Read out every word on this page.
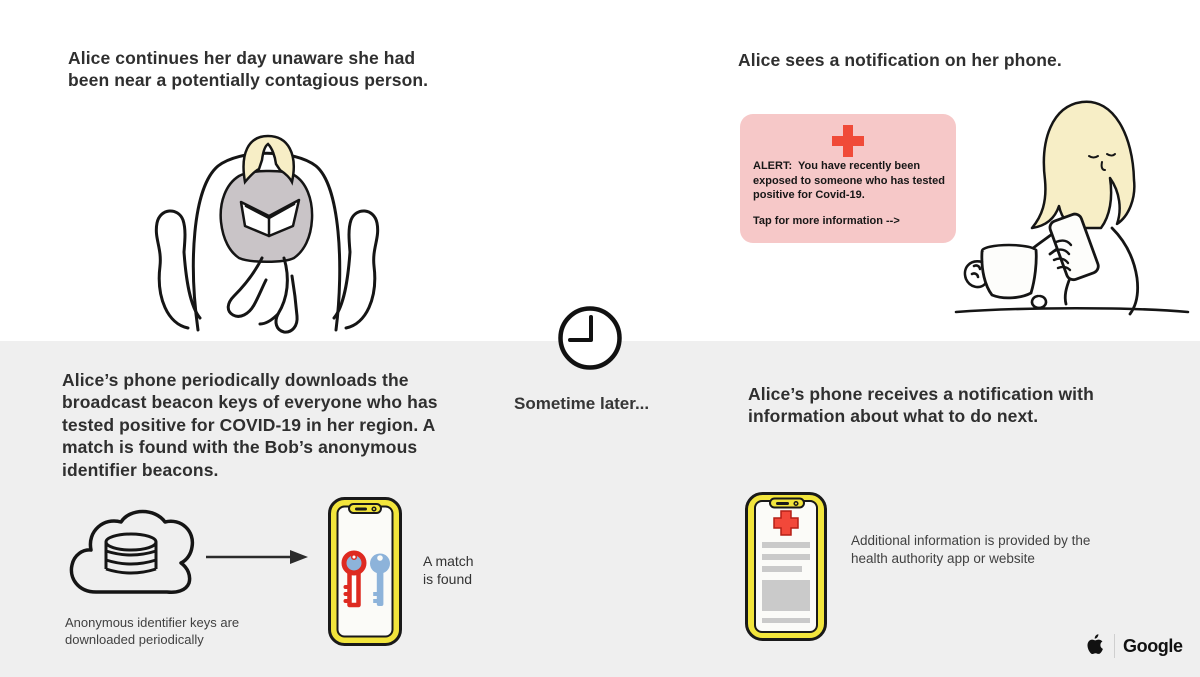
Alice continues her day unaware she had been near a potentially contagious person.
Alice sees a notification on her phone.
ALERT:  You have recently been exposed to someone who has tested positive for Covid-19.
Tap for more information -->
Sometime later...
Alice’s phone periodically downloads the broadcast beacon keys of everyone who has tested positive for COVID-19 in her region. A match is found with the Bob’s anonymous identifier beacons.
A match
is found
Anonymous identifier keys are downloaded periodically
Alice’s phone receives a notification with information about what to do next.
Additional information is provided by the health authority app or website
Google
